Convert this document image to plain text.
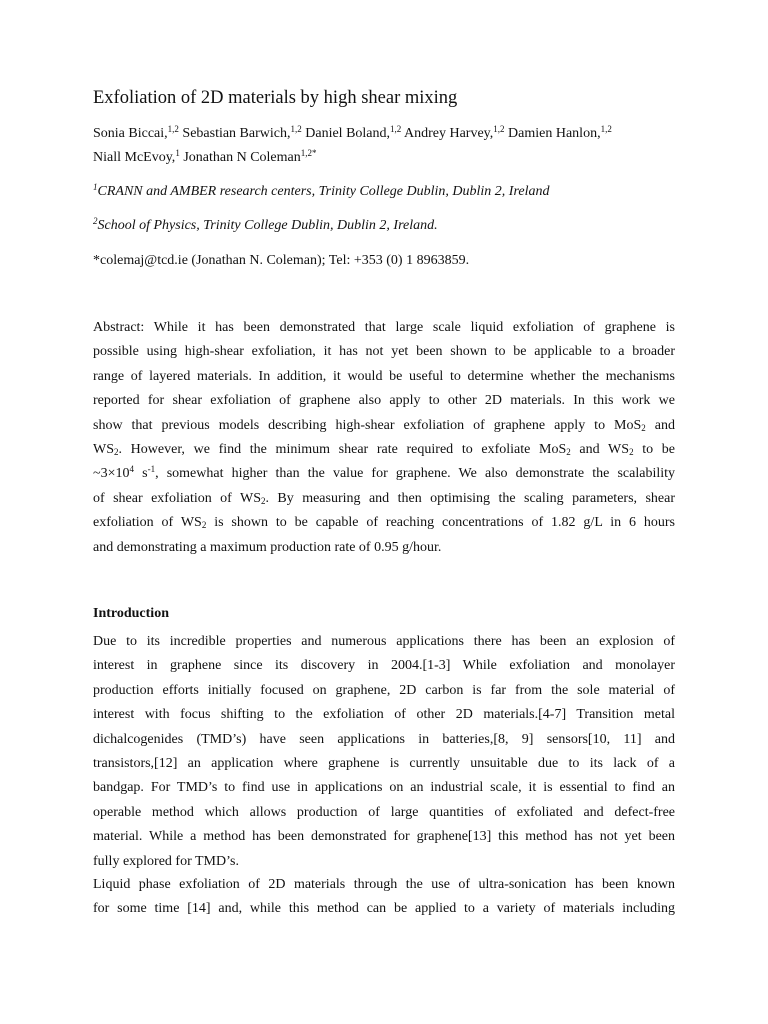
Exfoliation of 2D materials by high shear mixing
Sonia Biccai,$^{1,2}$ Sebastian Barwich,$^{1,2}$ Daniel Boland,$^{1,2}$ Andrey Harvey,$^{1,2}$ Damien Hanlon,$^{1,2}$
Niall McEvoy,$^1$ Jonathan N Coleman$^{1,2*}$
$^1$CRANN and AMBER research centers, Trinity College Dublin, Dublin 2, Ireland
$^2$School of Physics, Trinity College Dublin, Dublin 2, Ireland.
*colemaj@tcd.ie (Jonathan N. Coleman); Tel: +353 (0) 1 8963859.
Abstract: While it has been demonstrated that large scale liquid exfoliation of graphene is
possible using high-shear exfoliation, it has not yet been shown to be applicable to a broader
range of layered materials. In addition, it would be useful to determine whether the mechanisms
reported for shear exfoliation of graphene also apply to other 2D materials. In this work we
show that previous models describing high-shear exfoliation of graphene apply to MoS$_2$ and
$WS_2$. However, we find the minimum shear rate required to exfoliate MoS$_2$ and $WS_2$ to be
$\sim 3\times 10^4$ $s^{-1}$, somewhat higher than the value for graphene. We also demonstrate the scalability
of shear exfoliation of $WS_2$. By measuring and then optimising the scaling parameters, shear
exfoliation of $WS_2$ is shown to be capable of reaching concentrations of 1.82 g/L in 6 hours
and demonstrating a maximum production rate of 0.95 g/hour.
Introduction
Due to its incredible properties and numerous applications there has been an explosion of
interest in graphene since its discovery in 2004.[1-3] While exfoliation and monolayer
production efforts initially focused on graphene, 2D carbon is far from the sole material of
interest with focus shifting to the exfoliation of other 2D materials.[4-7] Transition metal
dichalcogenides (TMD’s) have seen applications in batteries,[8, 9] sensors[10, 11] and
transistors,[12] an application where graphene is currently unsuitable due to its lack of a
bandgap. For TMD’s to find use in applications on an industrial scale, it is essential to find an
operable method which allows production of large quantities of exfoliated and defect-free
material. While a method has been demonstrated for graphene[13] this method has not yet been
fully explored for TMD’s.
Liquid phase exfoliation of 2D materials through the use of ultra-sonication has been known
for some time [14] and, while this method can be applied to a variety of materials including
